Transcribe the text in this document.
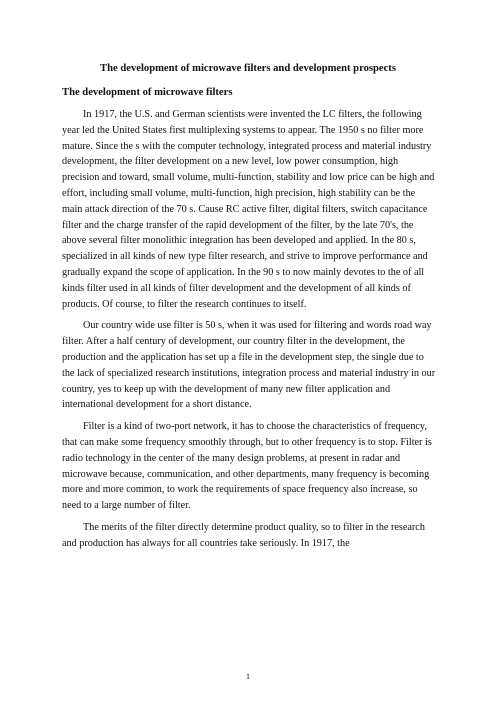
The development of microwave filters and development prospects

The development of microwave filters

In 1917, the U.S. and German scientists were invented the LC filters, the following year led the United States first multiplexing systems to appear. The 1950 s no filter more mature. Since the s with the computer technology, integrated process and material industry development, the filter development on a new level, low power consumption, high precision and toward, small volume, multi-function, stability and low price can be high and effort, including small volume, multi-function, high precision, high stability can be the main attack direction of the 70 s. Cause RC active filter, digital filters, switch capacitance filter and the charge transfer of the rapid development of the filter, by the late 70's, the above several filter monolithic integration has been developed and applied. In the 80 s, specialized in all kinds of new type filter research, and strive to improve performance and gradually expand the scope of application. In the 90 s to now mainly devotes to the of all kinds filter used in all kinds of filter development and the development of all kinds of products. Of course, to filter the research continues to itself.

Our country wide use filter is 50 s, when it was used for filtering and words road way filter. After a half century of development, our country filter in the development, the production and the application has set up a file in the development step, the single due to the lack of specialized research institutions, integration process and material industry in our country, yes to keep up with the development of many new filter application and international development for a short distance.

Filter is a kind of two-port network, it has to choose the characteristics of frequency, that can make some frequency smoothly through, but to other frequency is to stop. Filter is radio technology in the center of the many design problems, at present in radar and microwave because, communication, and other departments, many frequency is becoming more and more common, to work the requirements of space frequency also increase, so need to a large number of filter.

The merits of the filter directly determine product quality, so to filter in the research and production has always for all countries take seriously. In 1917, the

1
